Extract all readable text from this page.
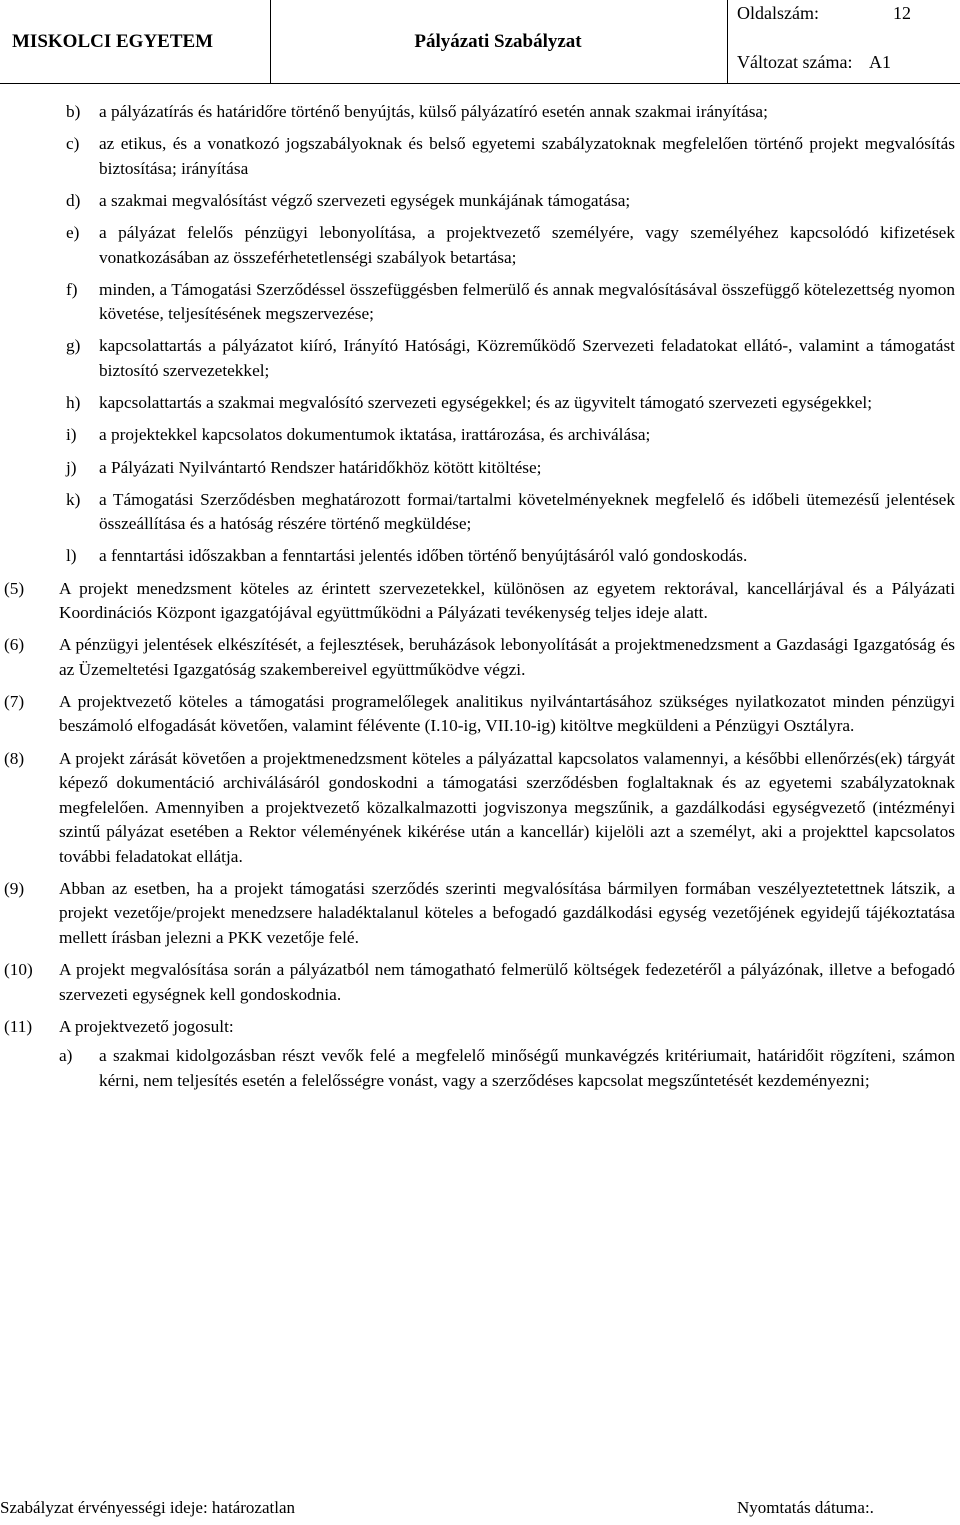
MISKOLCI EGYETEM	Pályázati Szabályzat
Oldalszám:	12
Változat száma: A1
b) a pályázatírás és határidőre történő benyújtás, külső pályázatíró esetén annak szakmai irányítása;
c) az etikus, és a vonatkozó jogszabályoknak és belső egyetemi szabályzatoknak megfelelően történő projekt megvalósítás biztosítása; irányítása
d) a szakmai megvalósítást végző szervezeti egységek munkájának támogatása;
e) a pályázat felelős pénzügyi lebonyolítása, a projektvezető személyére, vagy személyéhez kapcsolódó kifizetések vonatkozásában az összeférhetetlenségi szabályok betartása;
f) minden, a Támogatási Szerződéssel összefüggésben felmerülő és annak megvalósításával összefüggő kötelezettség nyomon követése, teljesítésének megszervezése;
g) kapcsolattartás a pályázatot kiíró, Irányító Hatósági, Közreműködő Szervezeti feladatokat ellátó-, valamint a támogatást biztosító szervezetekkel;
h) kapcsolattartás a szakmai megvalósító szervezeti egységekkel; és az ügyvitelt támogató szervezeti egységekkel;
i) a projektekkel kapcsolatos dokumentumok iktatása, irattározása, és archiválása;
j) a Pályázati Nyilvántartó Rendszer határidőkhöz kötött kitöltése;
k) a Támogatási Szerződésben meghatározott formai/tartalmi követelményeknek megfelelő és időbeli ütemezésű jelentések összeállítása és a hatóság részére történő megküldése;
l) a fenntartási időszakban a fenntartási jelentés időben történő benyújtásáról való gondoskodás.
(5) A projekt menedzsment köteles az érintett szervezetekkel, különösen az egyetem rektorával, kancellárjával és a Pályázati Koordinációs Központ igazgatójával együttműködni a Pályázati tevékenység teljes ideje alatt.
(6) A pénzügyi jelentések elkészítését, a fejlesztések, beruházások lebonyolítását a projektmenedzsment a Gazdasági Igazgatóság és az Üzemeltetési Igazgatóság szakembereivel együttműködve végzi.
(7) A projektvezető köteles a támogatási programelőlegek analitikus nyilvántartásához szükséges nyilatkozatot minden pénzügyi beszámoló elfogadását követően, valamint félévente (I.10-ig, VII.10-ig) kitöltve megküldeni a Pénzügyi Osztályra.
(8) A projekt zárását követően a projektmenedzsment köteles a pályázattal kapcsolatos valamennyi, a későbbi ellenőrzés(ek) tárgyát képező dokumentáció archiválásáról gondoskodni a támogatási szerződésben foglaltaknak és az egyetemi szabályzatoknak megfelelően. Amennyiben a projektvezető közalkalmazotti jogviszonya megszűnik, a gazdálkodási egységvezető (intézményi szintű pályázat esetében a Rektor véleményének kikérése után a kancellár) kijelöli azt a személyt, aki a projekttel kapcsolatos további feladatokat ellátja.
(9) Abban az esetben, ha a projekt támogatási szerződés szerinti megvalósítása bármilyen formában veszélyeztetettnek látszik, a projekt vezetője/projekt menedzsere haladéktalanul köteles a befogadó gazdálkodási egység vezetőjének egyidejű tájékoztatása mellett írásban jelezni a PKK vezetője felé.
(10) A projekt megvalósítása során a pályázatból nem támogatható felmerülő költségek fedezetéről a pályázónak, illetve a befogadó szervezeti egységnek kell gondoskodnia.
(11) A projektvezető jogosult:
a) a szakmai kidolgozásban részt vevők felé a megfelelő minőségű munkavégzés kritériumait, határidőit rögzíteni, számon kérni, nem teljesítés esetén a felelősségre vonást, vagy a szerződéses kapcsolat megszűntetését kezdeményezni;
Szabályzat érvényességi ideje: határozatlan	Nyomtatás dátuma:.
